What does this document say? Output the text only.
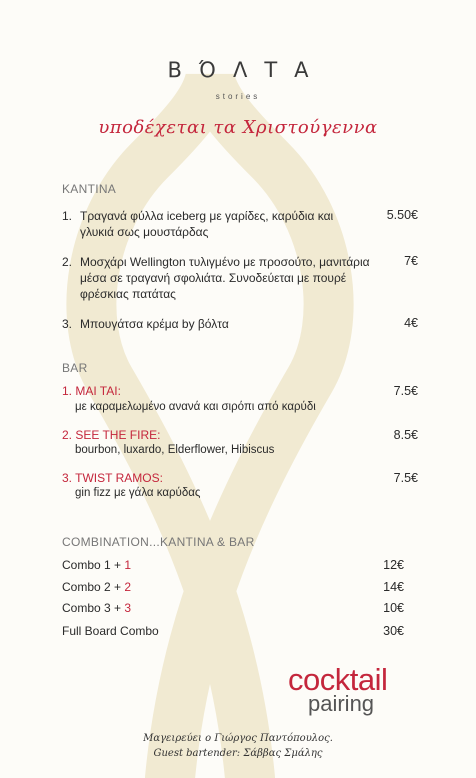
ΒΌΛΤΑ
stories
υποδέχεται τα Χριστούγεννα
KANTINA
1. Τραγανά φύλλα iceberg με γαρίδες, καρύδια και γλυκιά σως μουστάρδας
5.50€
2. Μοσχάρι Wellington τυλιγμένο με προσούτο, μανιτάρια μέσα σε τραγανή σφολιάτα. Συνοδεύεται με πουρέ φρέσκιας πατάτας
7€
3. Μπουγάτσα κρέμα by βόλτα	4€
BAR
1. MAI TAI:	7.5€
με καραμελωμένο ανανά και σιρόπι από καρύδι
2. SEE THE FIRE:	8.5€
bourbon, luxardo, Elderflower, Hibiscus
3. TWIST RAMOS:	7.5€
gin fizz με γάλα καρύδας
COMBINATION...KANTINA & BAR
Combo 1 + 1	12€
Combo 2 + 2	14€
Combo 3 + 3	10€
Full Board Combo	30€
cocktail
pairing
Μαγειρεύει ο Γιώργος Παντόπουλος.
Guest bartender: Σάββας Σμάλης
